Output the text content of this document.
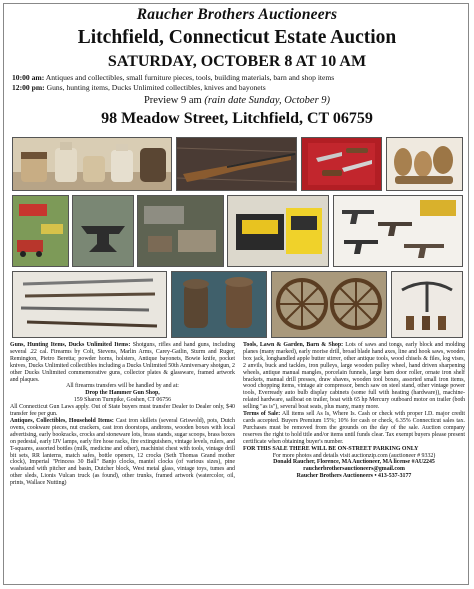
Raucher Brothers Auctioneers
Litchfield, Connecticut Estate Auction
SATURDAY, OCTOBER 8 AT 10 AM
10:00 am: Antiques and collectibles, small furniture pieces, tools, building materials, barn and shop items
12:00 pm: Guns, hunting items, Ducks Unlimited collectibles, knives and bayonets
Preview 9 am (rain date Sunday, October 9)
98 Meadow Street, Litchfield, CT 06759
Guns, Hunting Items, Ducks Unlimited Items: Shotguns, rifles and hand guns, including several .22 cal. Firearms by Colt, Stevens, Marlin Arms, Carey-Gatlin, Sturm and Ruger, Remington, Pietro Beretta; powder horns, holsters, Antique bayonets, Bowie knife, pocket knives, Ducks Unlimited collectibles including a Ducks Unlimited 50th Anniversary shotgun, 2 other Ducks Unlimited commemorative guns, collector plates & glassware, framed artwork and plaques.
All firearms transfers will be handled by and at:
Drop the Hammer Gun Shop,
159 Sharon Turnpike, Goshen, CT 06756
All Connecticut Gun Laws apply. Out of State buyers must transfer Dealer to Dealer only, $40 transfer fee per gun.
Antiques, Collectibles, Household Items: Cast iron skillets (several Griswold), pots, Dutch ovens, cookware pieces, nut crackers, cast iron doorstops, andirons, wooden boxes with local advertising, early bookracks, crocks and stoneware lots, brass stands, sugar scoops, brass boxes on pedestal, early IJV lamps, early fire hose racks, fire extinguishers, vintage levels, rulers, and T-squares, assorted bottles (milk, medicine and other), machinist chest with tools, vintage drill bit sets, RR lanterns, match safes, bottle openers, 12 crocks (Seth Thomas Grand mother clock), Imperial "Princess 30 Ball" Banjo clocks, mantel clocks (of various sizes), pine washstand with pitcher and basin, Dutcher block, West metal glass, vintage toys, tumes and other sleds, Lionis Vulcan truck (as found), other trunks, framed artwork (watercolor, oil, prints, Wallace Nutting)
Tools, Lawn & Garden, Barn & Shop: Lots of saws and tongs, early block and molding planes (many marked), early morise drill, broad blade hand axes, line and hook saws, wooden box jack, longhandled apple butter stirrer, other antique tools, wood chisels & files, log vises, 2 anvils, buck and tackles, iron pulleys, large wooden pulley wheel, hand driven sharpening wheels, antique manual mangles, porcelain funnels, large barn door roller, ornate iron shelf brackets, manual drill presses, draw shaves, wooden tool boxes, assorted small iron items, wood chopping items, vintage air compressor, bench saw on steel stand, other vintage power tools, Everready auto bulb display cabinets (some full with heating (hardware)), machine-related hardware, sailboat on trailer, boat with 65 hp Mercury outboard motor on trailer (both selling "as is"), several boat seats, plus many, many more.
Terms of Sale: All items sell As Is, Where Is. Cash or check with proper I.D. major credit cards accepted. Buyers Premium 15%; 10% for cash or check, 6.35% Connecticut sales tax. Purchases must be removed from the grounds on the day of the sale. Auction company reserves the right to hold title and/or items until funds clear. Tax exempt buyers please present certificate when obtaining buyer's number.
FOR THIS SALE THERE WILL BE ON-STREET PARKING ONLY
For more photos and details visit auctionzip.com (auctioneer # 9332)
Donald Raucher, Florence, MA Auctioneer, MA license #AU2245
raucherbrothersauctioneers@gmail.com
Raucher Brothers Auctioneers • 413-537-3177
